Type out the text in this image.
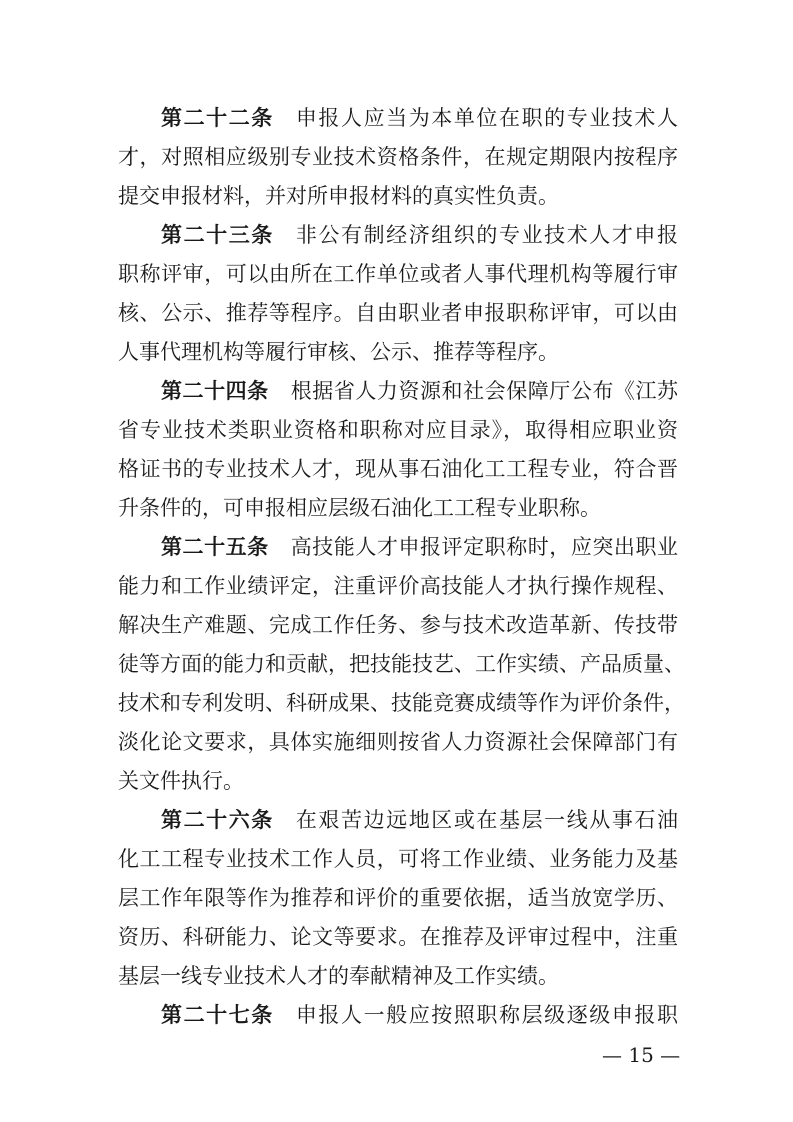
第二十二条 申报人应当为本单位在职的专业技术人
才，对照相应级别专业技术资格条件，在规定期限内按程序
提交申报材料，并对所申报材料的真实性负责。
第二十三条 非公有制经济组织的专业技术人才申报
职称评审，可以由所在工作单位或者人事代理机构等履行审
核、公示、推荐等程序。自由职业者申报职称评审，可以由
人事代理机构等履行审核、公示、推荐等程序。
第二十四条 根据省人力资源和社会保障厅公布《江苏
省专业技术类职业资格和职称对应目录》，取得相应职业资
格证书的专业技术人才，现从事石油化工工程专业，符合晋
升条件的，可申报相应层级石油化工工程专业职称。
第二十五条 高技能人才申报评定职称时，应突出职业
能力和工作业绩评定，注重评价高技能人才执行操作规程、
解决生产难题、完成工作任务、参与技术改造革新、传技带
徒等方面的能力和贡献，把技能技艺、工作实绩、产品质量、
技术和专利发明、科研成果、技能竞赛成绩等作为评价条件，
淡化论文要求，具体实施细则按省人力资源社会保障部门有
关文件执行。
第二十六条 在艰苦边远地区或在基层一线从事石油
化工工程专业技术工作人员，可将工作业绩、业务能力及基
层工作年限等作为推荐和评价的重要依据，适当放宽学历、
资历、科研能力、论文等要求。在推荐及评审过程中，注重
基层一线专业技术人才的奉献精神及工作实绩。
第二十七条 申报人一般应按照职称层级逐级申报职
— 15 —
